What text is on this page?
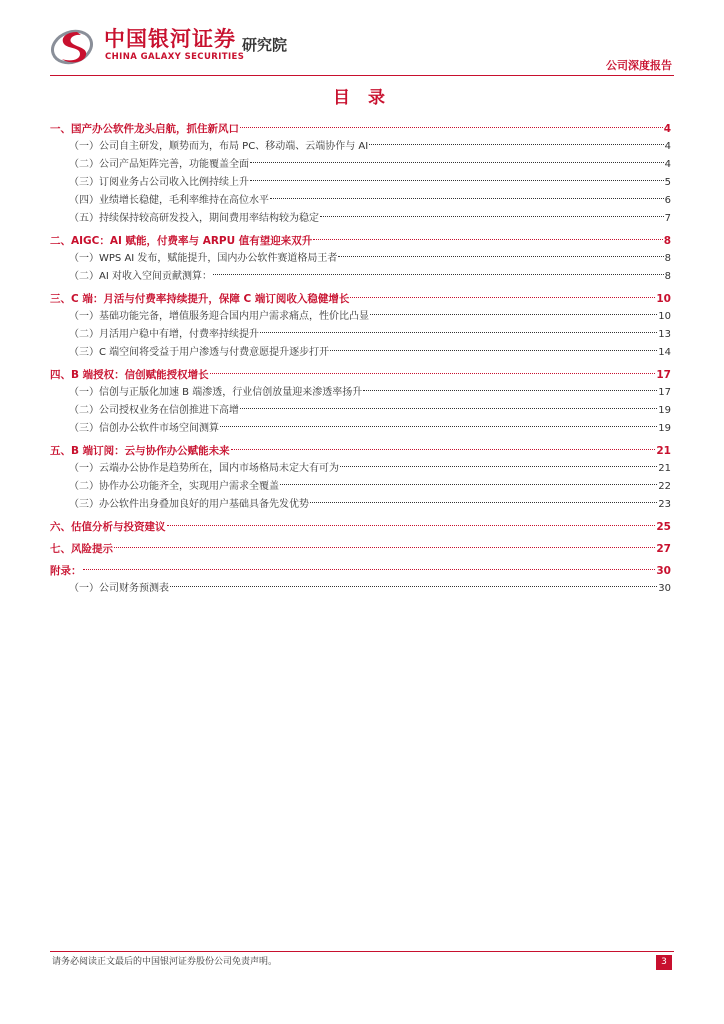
中国银河证券
CHINA GALAXY SECURITIES
研究院
公司深度报告
目 录
一、国产办公软件龙头启航，抓住新风口	4
（一）公司自主研发，顺势而为，布局 PC、移动端、云端协作与 AI	4
（二）公司产品矩阵完善，功能覆盖全面	4
（三）订阅业务占公司收入比例持续上升	5
（四）业绩增长稳健，毛利率维持在高位水平	6
（五）持续保持较高研发投入，期间费用率结构较为稳定	7
二、AIGC：AI 赋能，付费率与 ARPU 值有望迎来双升	8
（一）WPS AI 发布，赋能提升，国内办公软件赛道格局王者	8
（二）AI 对收入空间贡献测算：	8
三、C 端：月活与付费率持续提升，保障 C 端订阅收入稳健增长	10
（一）基础功能完备，增值服务迎合国内用户需求痛点，性价比凸显	10
（二）月活用户稳中有增，付费率持续提升	13
（三）C 端空间将受益于用户渗透与付费意愿提升逐步打开	14
四、B 端授权：信创赋能授权增长	17
（一）信创与正版化加速 B 端渗透，行业信创放量迎来渗透率扬升	17
（二）公司授权业务在信创推进下高增	19
（三）信创办公软件市场空间测算	19
五、B 端订阅：云与协作办公赋能未来	21
（一）云端办公协作是趋势所在，国内市场格局未定大有可为	21
（二）协作办公功能齐全，实现用户需求全覆盖	22
（三）办公软件出身叠加良好的用户基础具备先发优势	23
六、估值分析与投资建议	25
七、风险提示	27
附录：	30
（一）公司财务预测表	30
请务必阅读正文最后的中国银河证券股份公司免责声明。	3
